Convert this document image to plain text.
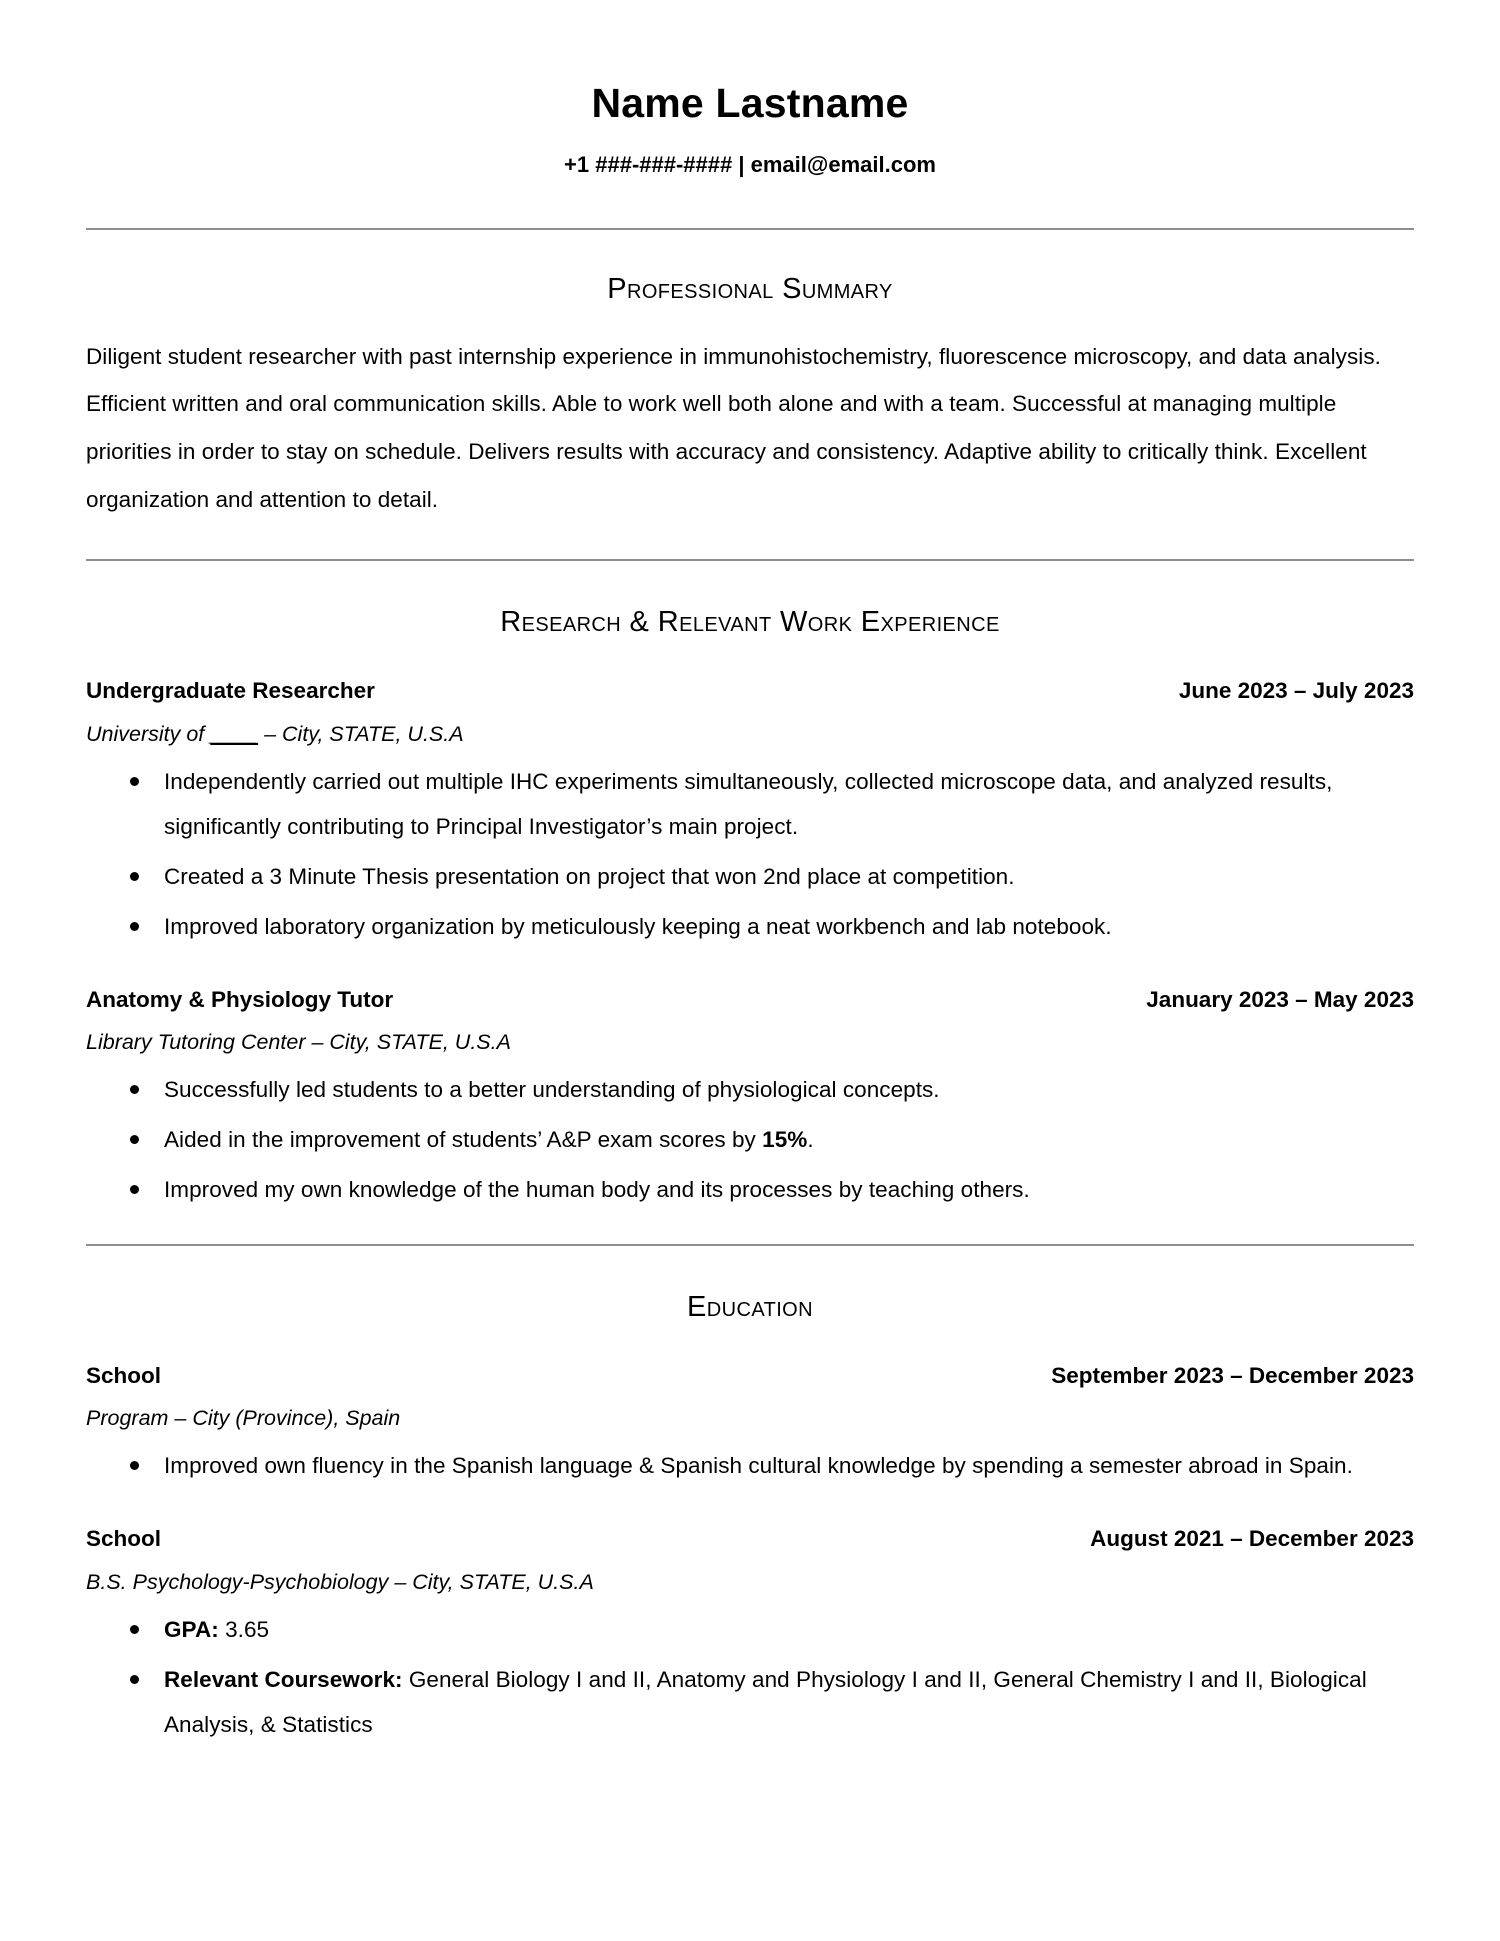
Name Lastname
+1 ###-###-#### | email@email.com
Professional Summary

Diligent student researcher with past internship experience in immunohistochemistry, fluorescence microscopy, and data analysis. Efficient written and oral communication skills. Able to work well both alone and with a team. Successful at managing multiple priorities in order to stay on schedule. Delivers results with accuracy and consistency. Adaptive ability to critically think. Excellent organization and attention to detail.

Research & Relevant Work Experience
Undergraduate Researcher	June 2023 – July 2023
University of ____ – City, STATE, U.S.A
Independently carried out multiple IHC experiments simultaneously, collected microscope data, and analyzed results, significantly contributing to Principal Investigator’s main project.
Created a 3 Minute Thesis presentation on project that won 2nd place at competition.
Improved laboratory organization by meticulously keeping a neat workbench and lab notebook.
Anatomy & Physiology Tutor	January 2023 – May 2023
Library Tutoring Center – City, STATE, U.S.A
Successfully led students to a better understanding of physiological concepts.
Aided in the improvement of students’ A&P exam scores by 15%.
Improved my own knowledge of the human body and its processes by teaching others.
Education
School	September 2023 – December 2023
Program – City (Province), Spain
Improved own fluency in the Spanish language & Spanish cultural knowledge by spending a semester abroad in Spain.
School	August 2021 – December 2023
B.S. Psychology-Psychobiology – City, STATE, U.S.A
GPA: 3.65
Relevant Coursework: General Biology I and II, Anatomy and Physiology I and II, General Chemistry I and II, Biological Analysis, & Statistics
